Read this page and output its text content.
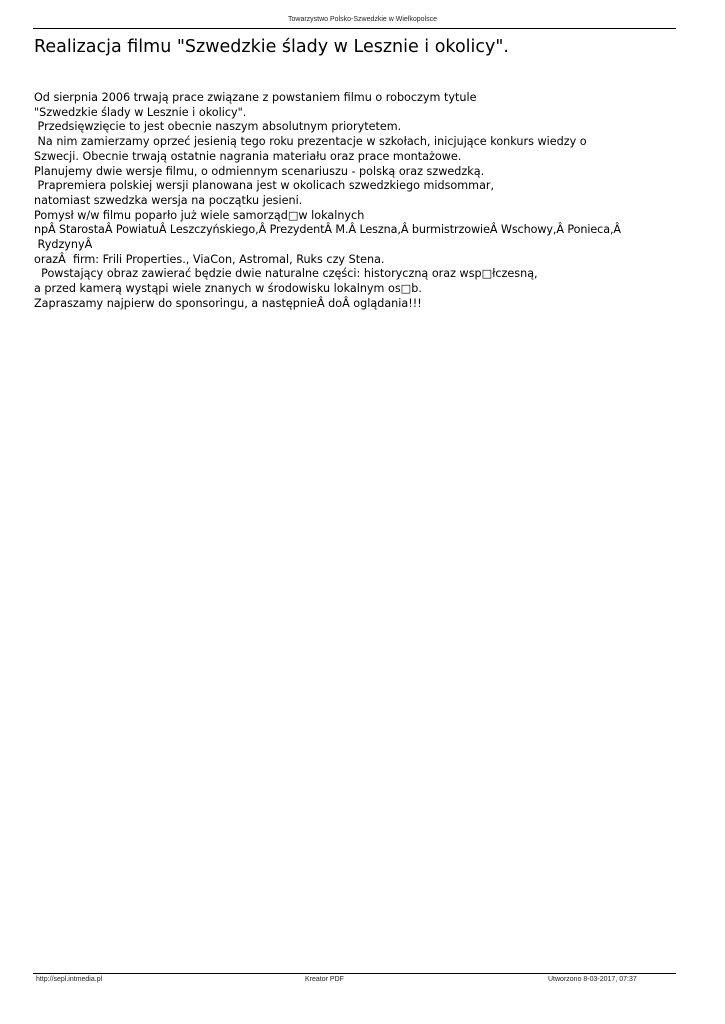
Towarzystwo Polsko-Szwedzkie w Wielkopolsce
Realizacja filmu "Szwedzkie ślady w Lesznie i okolicy".
Od sierpnia 2006 trwają prace związane z powstaniem filmu o roboczym tytule
"Szwedzkie ślady w Lesznie i okolicy".
Przedsięwzięcie to jest obecnie naszym absolutnym priorytetem.
Na nim zamierzamy oprzeć jesienią tego roku prezentacje w szkołach, inicjujące konkurs wiedzy o
Szwecji. Obecnie trwają ostatnie nagrania materiału oraz prace montażowe.
Planujemy dwie wersje filmu, o odmiennym scenariuszu - polską oraz szwedzką.
Prapremiera polskiej wersji planowana jest w okolicach szwedzkiego midsommar,
natomiast szwedzka wersja na początku jesieni.
Pomysł w/w filmu poparło już wiele samorząd□w lokalnych
npÂ StarostaÂ PowiatuÂ Leszczyńskiego,Â PrezydentÂ M.Â Leszna,Â burmistrzowieÂ Wschowy,Â Ponieca,Â
RydzynyÂ
orazÂ  firm: Frili Properties., ViaCon, Astromal, Ruks czy Stena.
Powstający obraz zawierać będzie dwie naturalne części: historyczną oraz wsp□łczesną,
a przed kamerą wystąpi wiele znanych w środowisku lokalnym os□b.
Zapraszamy najpierw do sponsoringu, a następnieÂ doÂ oglądania!!!
http://sepl.intmedia.pl	Kreator PDF	Utworzono 8-03-2017, 07:37
